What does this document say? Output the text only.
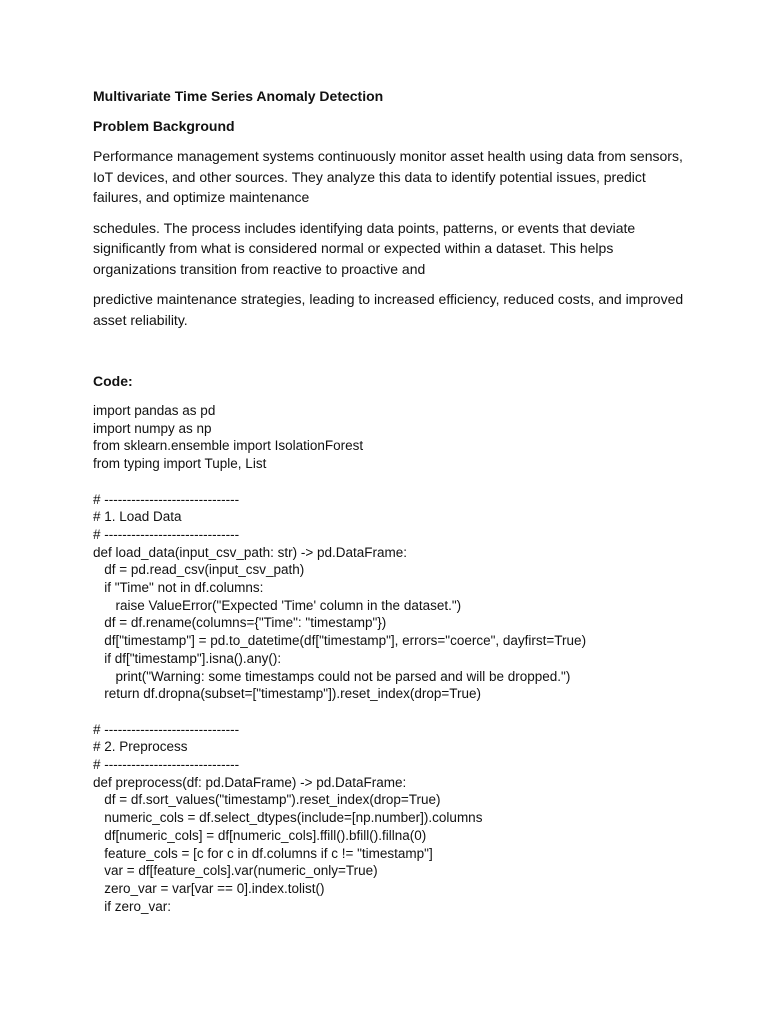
Multivariate Time Series Anomaly Detection

Problem Background

Performance management systems continuously monitor asset health using data from sensors, IoT devices, and other sources. They analyze this data to identify potential issues, predict failures, and optimize maintenance

schedules. The process includes identifying data points, patterns, or events that deviate significantly from what is considered normal or expected within a dataset. This helps organizations transition from reactive to proactive and

predictive maintenance strategies, leading to increased efficiency, reduced costs, and improved asset reliability.

Code:

import pandas as pd
import numpy as np
from sklearn.ensemble import IsolationForest
from typing import Tuple, List
# ------------------------------
# 1. Load Data
# ------------------------------
def load_data(input_csv_path: str) -> pd.DataFrame:
df = pd.read_csv(input_csv_path)
if "Time" not in df.columns:
raise ValueError("Expected 'Time' column in the dataset.")
df = df.rename(columns={"Time": "timestamp"})
df["timestamp"] = pd.to_datetime(df["timestamp"], errors="coerce", dayfirst=True)
if df["timestamp"].isna().any():
print("Warning: some timestamps could not be parsed and will be dropped.")
return df.dropna(subset=["timestamp"]).reset_index(drop=True)
# ------------------------------
# 2. Preprocess
# ------------------------------
def preprocess(df: pd.DataFrame) -> pd.DataFrame:
df = df.sort_values("timestamp").reset_index(drop=True)
numeric_cols = df.select_dtypes(include=[np.number]).columns
df[numeric_cols] = df[numeric_cols].ffill().bfill().fillna(0)
feature_cols = [c for c in df.columns if c != "timestamp"]
var = df[feature_cols].var(numeric_only=True)
zero_var = var[var == 0].index.tolist()
if zero_var:
